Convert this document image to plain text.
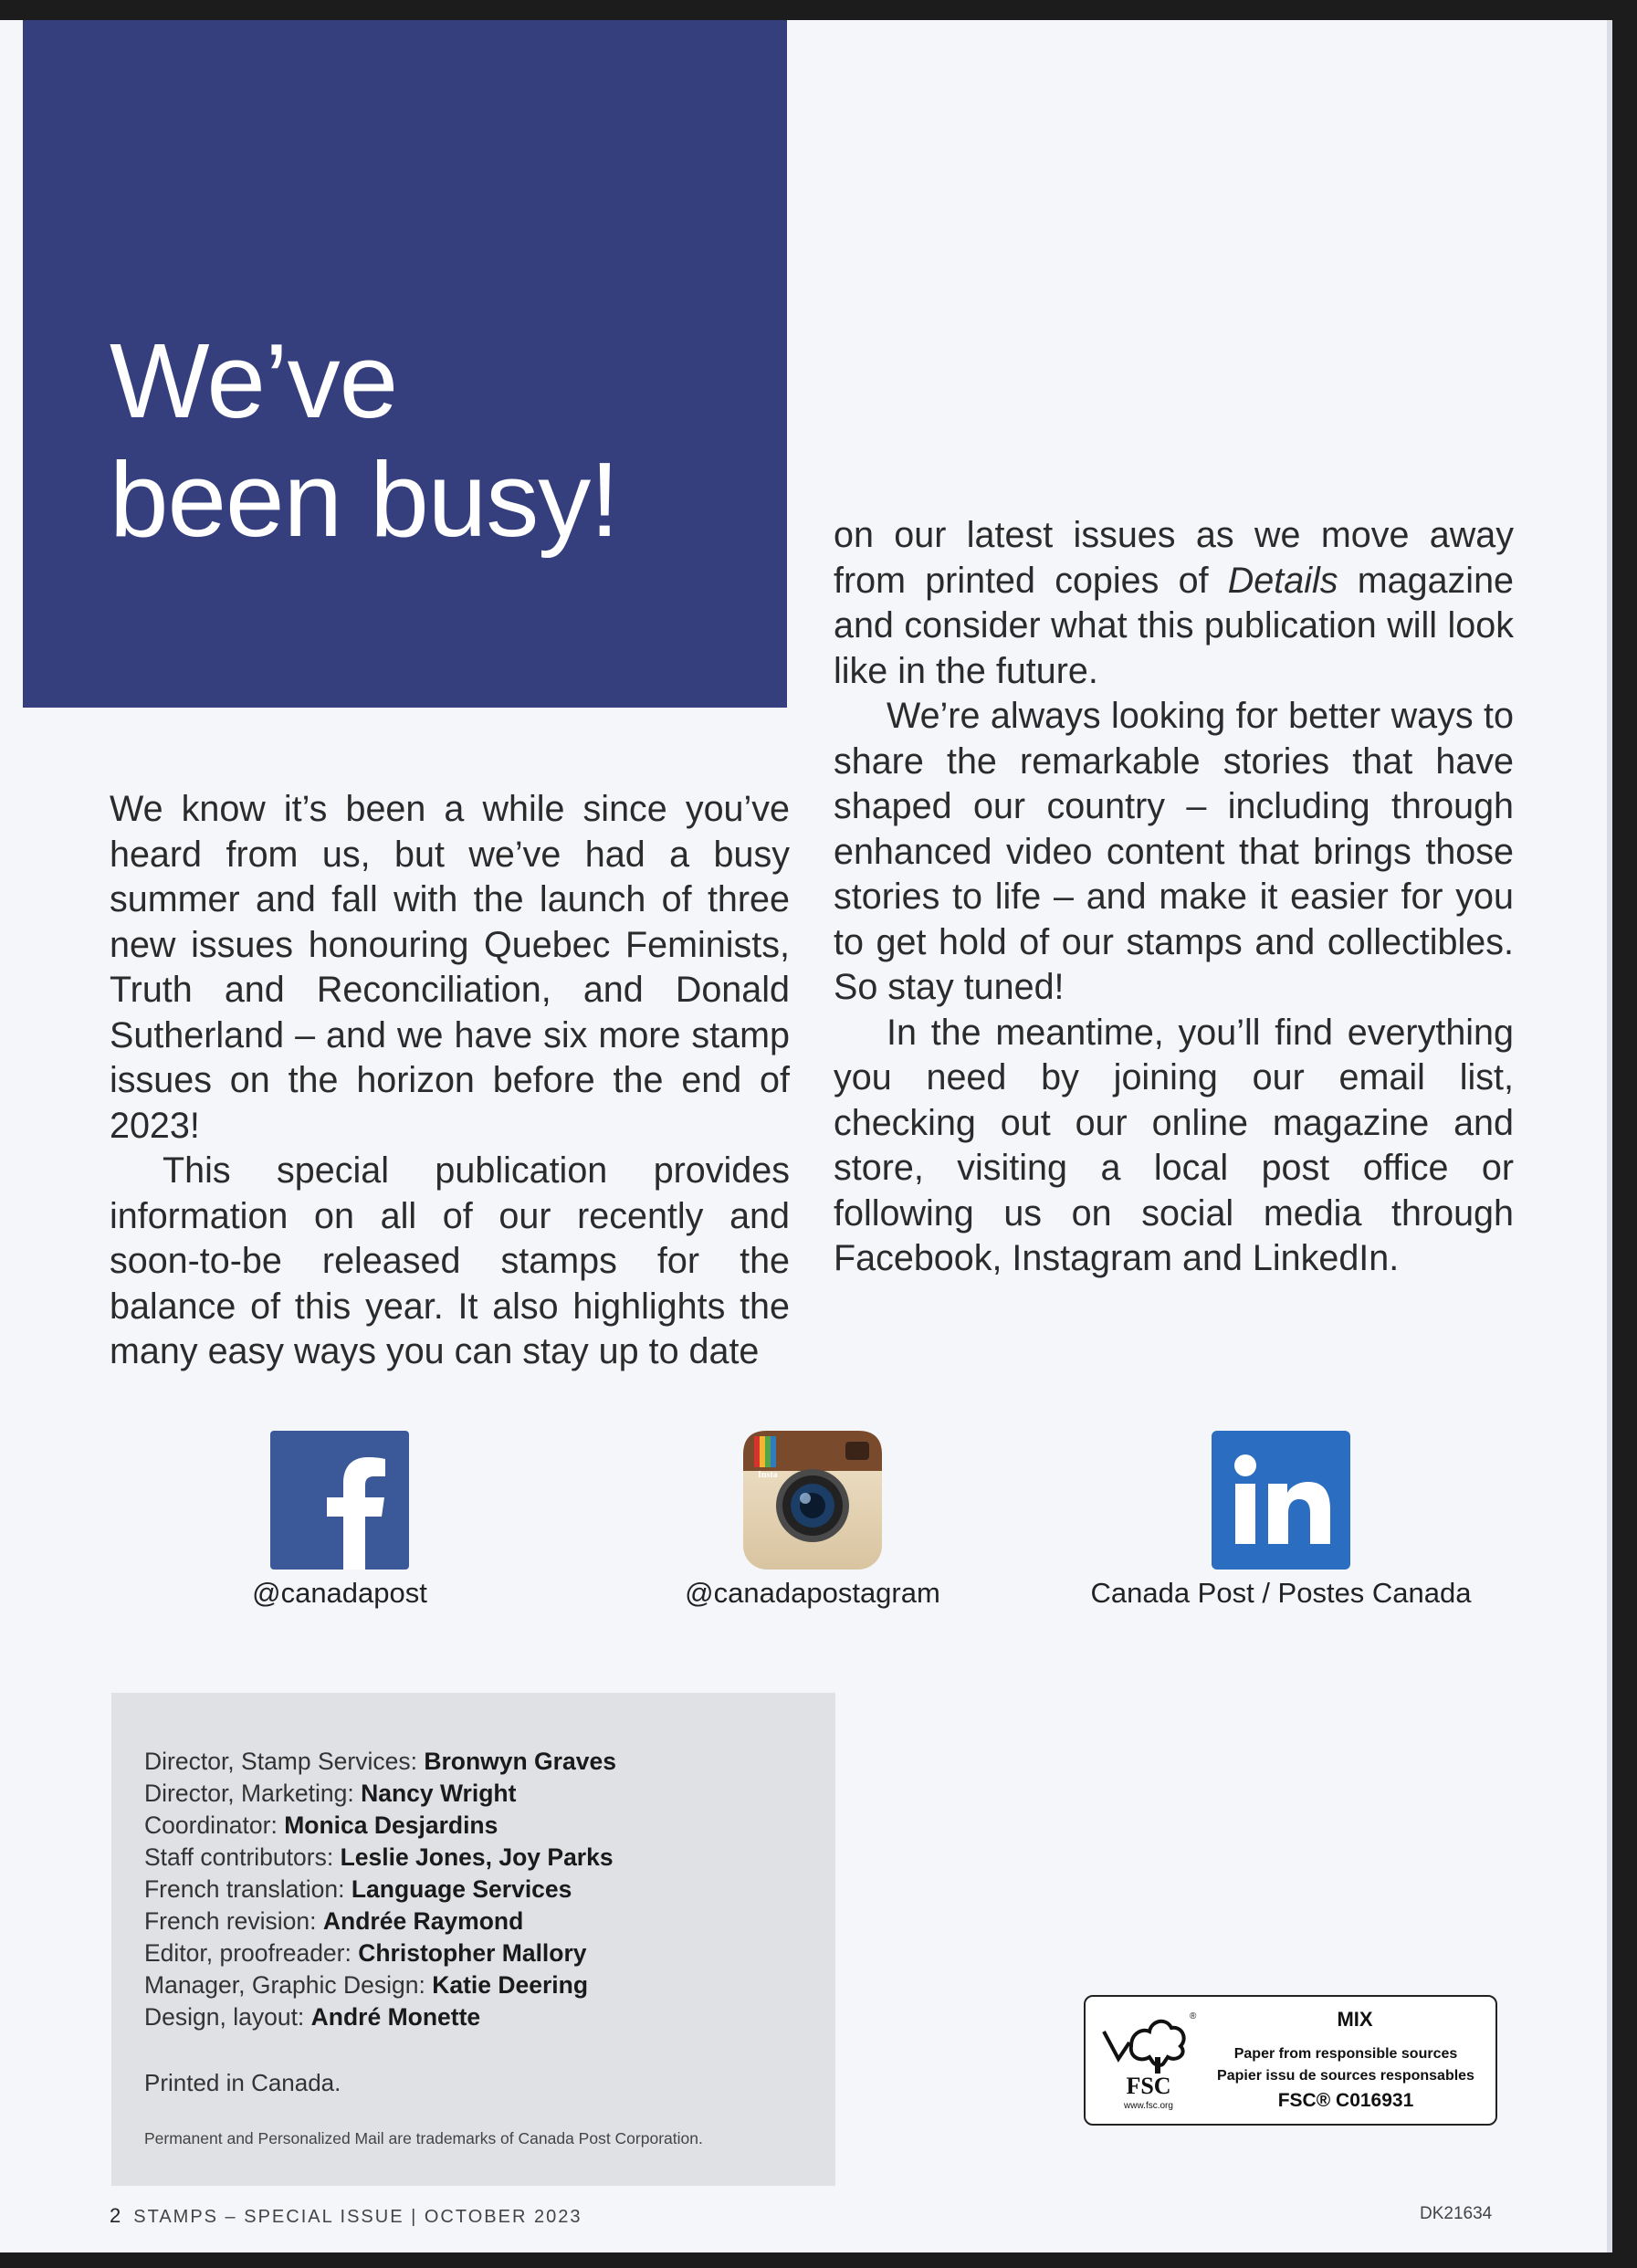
We’ve
been busy!

We know it’s been a while since you’ve heard from us, but we’ve had a busy summer and fall with the launch of three new issues honouring Quebec Feminists, Truth and Reconciliation, and Donald Sutherland – and we have six more stamp issues on the horizon before the end of 2023!

This special publication provides information on all of our recently and soon-to-be released stamps for the balance of this year. It also highlights the many easy ways you can stay up to date

on our latest issues as we move away from printed copies of Details magazine and consider what this publication will look like in the future.

We’re always looking for better ways to share the remarkable stories that have shaped our country – including through enhanced video content that brings those stories to life – and make it easier for you to get hold of our stamps and collectibles. So stay tuned!

In the meantime, you’ll find everything you need by joining our email list, checking out our online magazine and store, visiting a local post office or following us on social media through Facebook, Instagram and LinkedIn.

@canadapost
Insta
@canadapostagram	Canada Post / Postes Canada
Director, Stamp Services: Bronwyn Graves
Director, Marketing: Nancy Wright
Coordinator: Monica Desjardins
Staff contributors: Leslie Jones, Joy Parks
French translation: Language Services
French revision: Andrée Raymond
Editor, proofreader: Christopher Mallory
Manager, Graphic Design: Katie Deering
Design, layout: André Monette
Printed in Canada.
Permanent and Personalized Mail are trademarks of Canada Post Corporation.
FSC
www.fsc.org
®	MIX
Paper from responsible sources
Papier issu de sources responsables
FSC® C016931
2 STAMPS – SPECIAL ISSUE | OCTOBER 2023	DK21634
